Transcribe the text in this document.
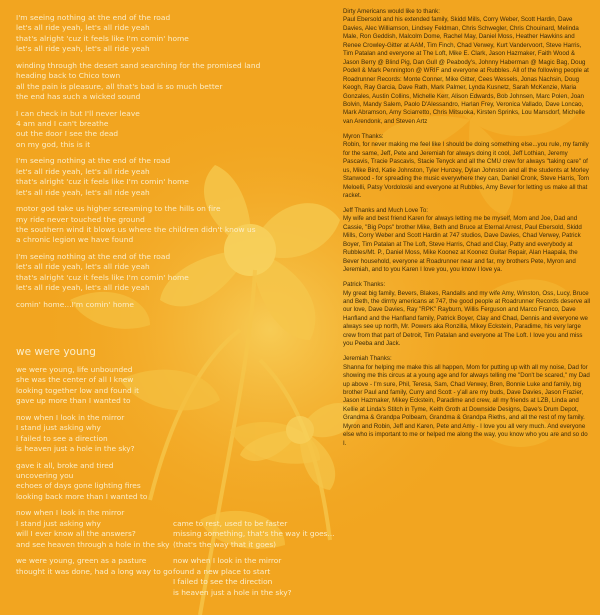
I'm seeing nothing at the end of the road
let's all ride yeah, let's all ride yeah
that's alright 'cuz it feels like I'm comin' home
let's all ride yeah, let's all ride yeah
winding through the desert sand searching for the promised land
heading back to Chico town
all the pain is pleasure, all that's bad is so much better
the end has such a wicked sound
I can check in but I'll never leave
4 am and I can't breathe
out the door I see the dead
on my god, this is it
I'm seeing nothing at the end of the road
let's all ride yeah, let's all ride yeah
that's alright 'cuz it feels like I'm comin' home
let's all ride yeah, let's all ride yeah
motor god take us higher screaming to the hills on fire
my ride never touched the ground
the southern wind it blows us where the children didn't know us
a chronic legion we have found
I'm seeing nothing at the end of the road
let's all ride yeah, let's all ride yeah
that's alright 'cuz it feels like I'm comin' home
let's all ride yeah, let's all ride yeah
comin' home...I'm comin' home
we were young
we were young, life unbounded
she was the center of all I knew
looking together low and found it
gave up more than I wanted to
now when I look in the mirror
I stand just asking why
I failed to see a direction
is heaven just a hole in the sky?
gave it all, broke and tired
uncovering you
echoes of days gone lighting fires
looking back more than I wanted to
now when I look in the mirror
I stand just asking why
will I ever know all the answers?
and see heaven through a hole in the sky
we were young, green as a pasture
thought it was done, had a long way to go
came to rest, used to be faster
missing something, that's the way it goes...
(that's the way that it goes)
now when I look in the mirror
found a new place to start
I failed to see the direction
is heaven just a hole in the sky?

Dirty Americans would like to thank:

Paul Ebersold and his extended family, Skidd Mills, Corry Weber, Scott Hardin, Dave Davies, Alec Williamson, Lindsey Feldman, Chris Schwegler, Chris Chouinard, Melinda Male, Ron Geddish, Malcolm Dome, Rachel May, Daniel Moss, Heather Hawkins and Renee Crowley-Gitter at AAM, Tim Finch, Chad Verwey, Kurt Vandervoort, Steve Harris, Tim Patalan and everyone at The Loft, Mike E. Clark, Jason Hazmaker, Faith Wood & Jason Berry @ Blind Pig, Dan Gull @ Peabody's, Johnny Haberman @ Magic Bag, Doug Podell & Mark Pennington @ WRIF and everyone at Rubbles. All of the following people at Roadrunner Records: Monte Conner, Mike Gitter, Cees Wessels, Jonas Nachsin, Doug Keogh, Ray Garcia, Dave Rath, Mark Palmer, Lynda Kusnetz, Sarah McKenzie, Maria Gonzales, Austin Collins, Michelle Kerr, Alison Edwards, Bob Johnsen, Marc Polen, Joan Bolvin, Mandy Salem, Paolo D'Alessandro, Harlan Frey, Veronica Vallado, Dave Loncao, Mark Abramson, Amy Sciarretto, Chris Mitsuoka, Kirsten Sprinks, Lou Mansdorf, Michelle van Arendonk, and Steven Artz

Myron Thanks:

Robin, for never making me feel like I should be doing something else...you rule, my family for the same, Jeff, Pete and Jeremiah for always doing it cool, Jeff Lothian, Jeremy Pascavis, Tracie Pascavis, Stacie Tenyck and all the CMU crew for always "taking care" of us, Mike Bird, Katie Johnston, Tyler Hunzey, Dylan Johnston and all the students at Morley Stanwood - for spreading the music everywhere they can, Daniel Cronk, Steve Harris, Tom Meloelli, Patsy Vordoloski and everyone at Rubbles, Amy Bever for letting us make all that racket.

Jeff Thanks and Much Love To:

My wife and best friend Karen for always letting me be myself, Mom and Joe, Dad and Cassie, "Big Pops" brother Mike, Beth and Bruce at Eternal Arrest, Paul Ebersold, Skidd Mills, Corry Weber and Scott Hardin at 747 studios, Dave Davies, Chad Verwey, Patrick Boyer, Tim Patalan at The Loft, Steve Harris, Chad and Clay, Patty and everybody at Rubbles/Mt. P., Daniel Moss, Mike Koonez at Koonez Guitar Repair, Alan Haapala, the Bever household, everyone at Roadrunner near and far, my brothers Pete, Myron and Jeremiah, and to you Karen I love you, you know I love ya.

Patrick Thanks:

My great big family, Bevers, Blakes, Randalls and my wife Amy, Winston, Oss, Lucy, Bruce and Beth, the dirrrty americans at 747, the good people at Roadrunner Records deserve all our love, Dave Davies, Ray "RPK" Rayburn, Willis Ferguson and Marco Franco, Dave Hanfland and the Hanfland family, Patrick Boyer, Clay and Chad, Dennis and everyone we always see up north, Mr. Powers aka Ronzilla, Mikey Eckstein, Paradime, his very large crew from that part of Detroit, Tim Patalan and everyone at The Loft. I love you and miss you Peeba and Jack.

Jeremiah Thanks:

Shanna for helping me make this all happen, Mom for putting up with all my noise, Dad for showing me this circus at a young age and for always telling me "Don't be scared," my Dad up above - I'm sure, Phil, Teresa, Sam, Chad Verwey, Bren, Bonnie Luke and family, big brother Paul and family, Curry and Scott - y'all are my buds, Dave Davies, Jason Frazier, Jason Hazmaker, Mikey Eckstein, Paradime and crew, all my friends at LZB, Linda and Kellie at Linda's Stitch in Tyme, Keith Groth at Downside Designs, Dave's Drum Depot, Grandma & Grandpa Polbeam, Grandma & Grandpa Rieths, and all the rest of my family. Myron and Robin, Jeff and Karen, Pete and Amy - I love you all very much. And everyone else who is important to me or helped me along the way, you know who you are and so do I.
